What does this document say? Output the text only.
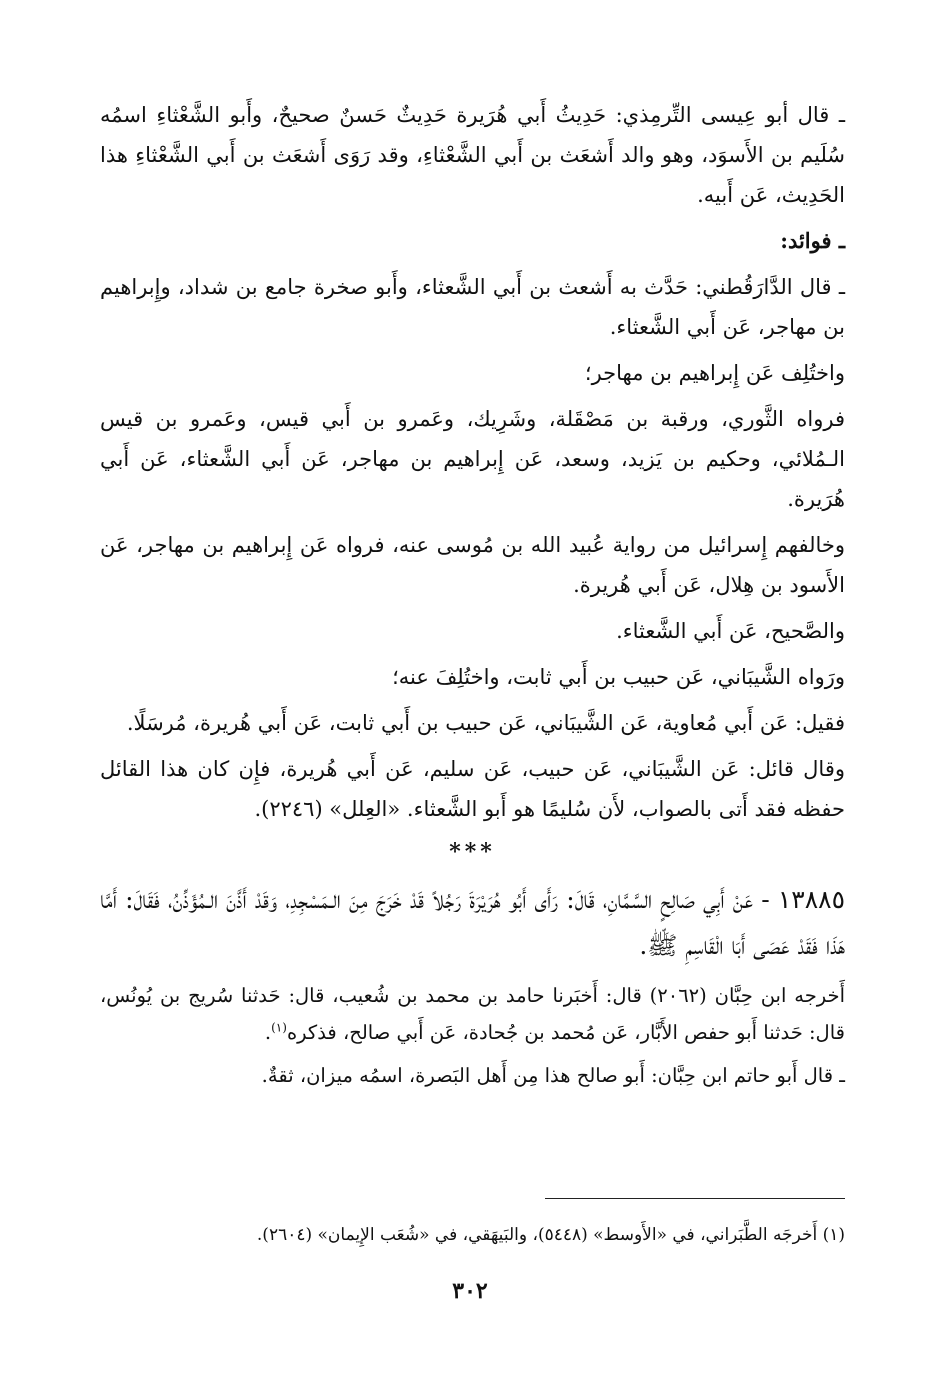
ـ قال أبو عِيسى التِّرمِذي: حَدِيثُ أَبي هُرَيرة حَدِيثٌ حَسنٌ صحيحٌ، وأَبو الشَّعْثاءِ اسمُه سُلَيم بن الأَسوَد، وهو والد أَشعَث بن أَبي الشَّعْثاءِ، وقد رَوَى أَشعَث بن أَبي الشَّعْثاءِ هذا الحَدِيث، عَن أَبيه.

ـ فوائد:

ـ قال الدَّارَقُطني: حَدَّث به أَشعث بن أَبي الشَّعثاء، وأَبو صخرة جامع بن شداد، وإِبراهيم بن مهاجر، عَن أَبي الشَّعثاء.

واختُلِف عَن إِبراهيم بن مهاجر؛

فرواه الثَّوري، ورقبة بن مَصْقَلة، وشَرِيك، وعَمرو بن أَبي قيس، وعَمرو بن قيس الـمُلائي، وحكيم بن يَزيد، وسعد، عَن إِبراهيم بن مهاجر، عَن أَبي الشَّعثاء، عَن أَبي هُرَيرة.

وخالفهم إِسرائيل من رواية عُبيد الله بن مُوسى عنه، فرواه عَن إِبراهيم بن مهاجر، عَن الأَسود بن هِلال، عَن أَبي هُريرة.

والصَّحيح، عَن أَبي الشَّعثاء.

ورَواه الشَّيبَاني، عَن حبيب بن أَبي ثابت، واختُلِفَ عنه؛

فقيل: عَن أَبي مُعاوية، عَن الشَّيبَاني، عَن حبيب بن أَبي ثابت، عَن أَبي هُريرة، مُرسَلًا.

وقال قائل: عَن الشَّيبَاني، عَن حبيب، عَن سليم، عَن أَبي هُريرة، فإِن كان هذا القائل حفظه فقد أَتى بالصواب، لأَن سُليمًا هو أَبو الشَّعثاء. «العِلل» (٢٢٤٦).

***

١٣٨٨٥ - عَنْ أَبِي صَالِحٍ السَّمَّانِ، قَالَ: رَأَى أَبُو هُرَيْرَةَ رَجُلاً قَدْ خَرَجَ مِنَ الـمَسْجِدِ، وَقَدْ أَذَّنَ الـمُؤَذِّنُ، فَقَالَ: أَمَّا هَذَا فَقَدْ عَصَى أَبَا الْقَاسِمِ ﷺ.

أَخرجه ابن حِبَّان (٢٠٦٢) قال: أَخبَرنا حامد بن محمد بن شُعيب، قال: حَدثنا سُريج بن يُونُس، قال: حَدثنا أَبو حفص الأَبَّار، عَن مُحمد بن جُحادة، عَن أَبي صالح، فذكره$^{(١)}$.

ـ قال أَبو حاتم ابن حِبَّان: أَبو صالح هذا مِن أَهل البَصرة، اسمُه ميزان، ثقةٌ.

(١) أَخرجَه الطَّبَراني، في «الأَوسط» (٥٤٤٨)، والبَيهَقي، في «شُعَب الإِيمان» (٢٦٠٤).
٣٠٢
